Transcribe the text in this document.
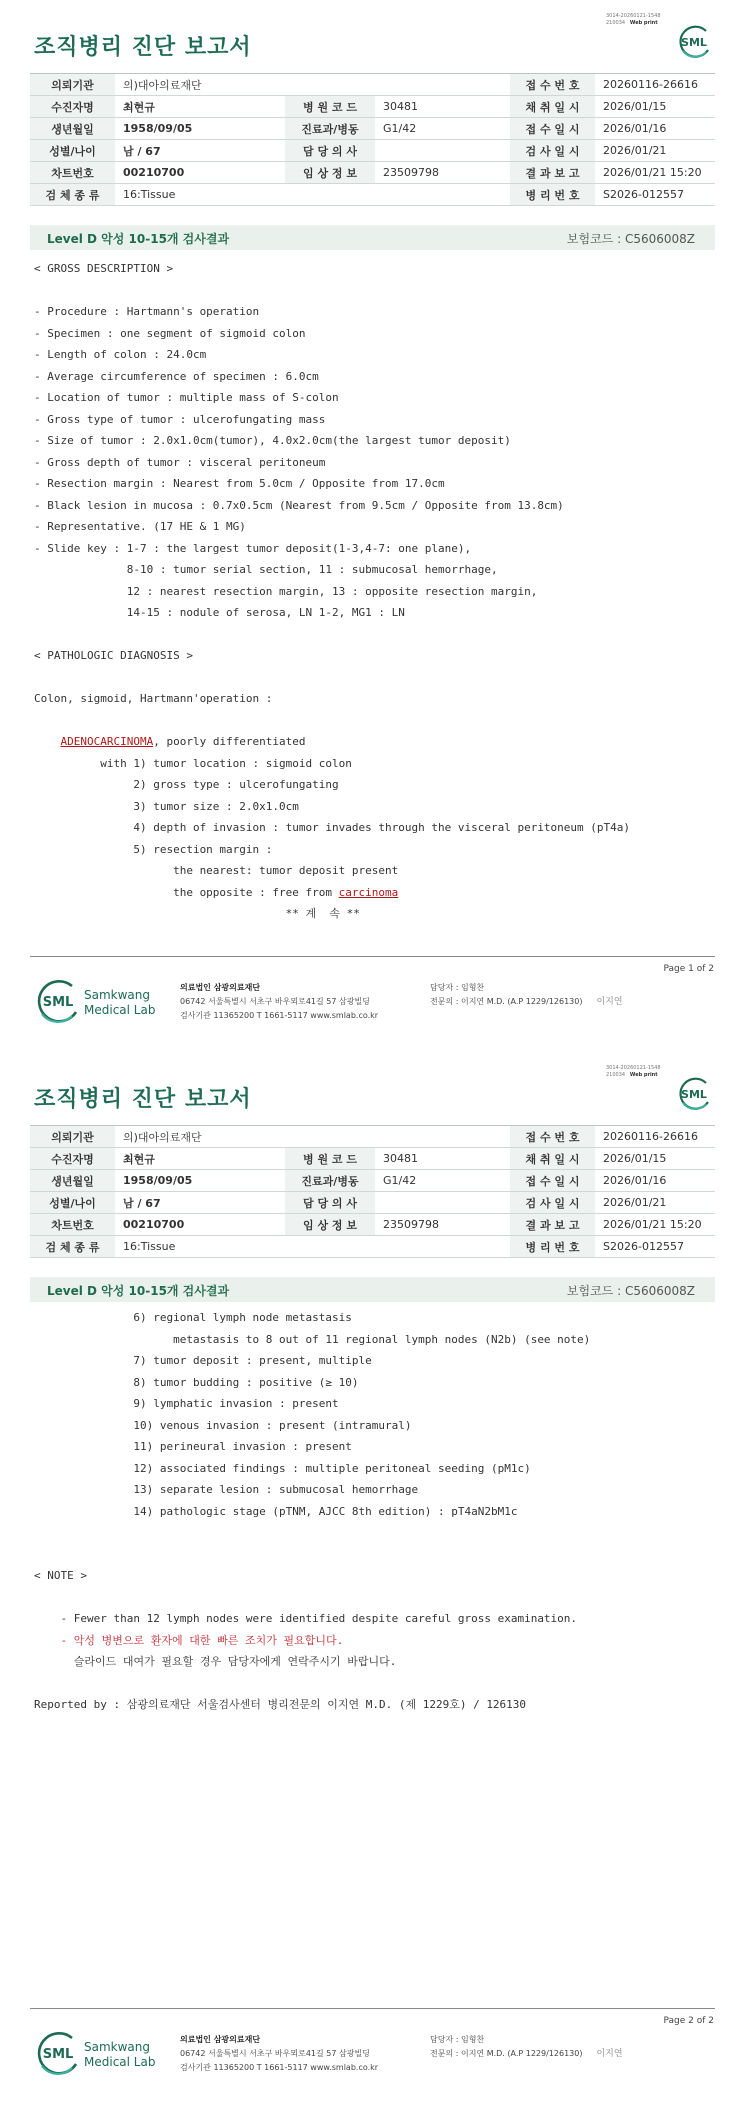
3014-20260121-1548
210034 Web print
조직병리 진단 보고서	SML
의뢰기관	의)대아의료재단			접 수 번 호	20260116-26616
수진자명	최현규	병 원 코 드	30481	채 취 일 시	2026/01/15
생년월일	1958/09/05	진료과/병동	G1/42	접 수 일 시	2026/01/16
성별/나이	남 / 67	담 당 의 사		검 사 일 시	2026/01/21
차트번호	00210700	임 상 정 보	23509798	결 과 보 고	2026/01/21 15:20
검 체 종 류	16:Tissue			병 리 번 호	S2026-012557
Level D 악성 10-15개 검사결과	보험코드 : C5606008Z
< GROSS DESCRIPTION >

- Procedure : Hartmann's operation
- Specimen : one segment of sigmoid colon
- Length of colon : 24.0cm
- Average circumference of specimen : 6.0cm
- Location of tumor : multiple mass of S-colon
- Gross type of tumor : ulcerofungating mass
- Size of tumor : 2.0x1.0cm(tumor), 4.0x2.0cm(the largest tumor deposit)
- Gross depth of tumor : visceral peritoneum
- Resection margin : Nearest from 5.0cm / Opposite from 17.0cm
- Black lesion in mucosa : 0.7x0.5cm (Nearest from 9.5cm / Opposite from 13.8cm)
- Representative. (17 HE & 1 MG)
- Slide key : 1-7 : the largest tumor deposit(1-3,4-7: one plane),
8-10 : tumor serial section, 11 : submucosal hemorrhage,
12 : nearest resection margin, 13 : opposite resection margin,
14-15 : nodule of serosa, LN 1-2, MG1 : LN

< PATHOLOGIC DIAGNOSIS >

Colon, sigmoid, Hartmann'operation :

ADENOCARCINOMA, poorly differentiated
with 1) tumor location : sigmoid colon
2) gross type : ulcerofungating
3) tumor size : 2.0x1.0cm
4) depth of invasion : tumor invades through the visceral peritoneum (pT4a)
5) resection margin :
the nearest: tumor deposit present
the opposite : free from carcinoma
** 계  속 **
Page 1 of 2
SML Samkwang
Medical Lab
의료법인 삼광의료재단
06742 서울특별시 서초구 바우뫼로41길 57 삼광빌딩
검사기관 11365200 T 1661-5117 www.smlab.co.kr
담당자 : 임형찬
전문의 : 이지연 M.D. (A.P 1229/126130) 이지연
3014-20260121-1548
210034 Web print
조직병리 진단 보고서	SML
의뢰기관	의)대아의료재단			접 수 번 호	20260116-26616
수진자명	최현규	병 원 코 드	30481	채 취 일 시	2026/01/15
생년월일	1958/09/05	진료과/병동	G1/42	접 수 일 시	2026/01/16
성별/나이	남 / 67	담 당 의 사		검 사 일 시	2026/01/21
차트번호	00210700	임 상 정 보	23509798	결 과 보 고	2026/01/21 15:20
검 체 종 류	16:Tissue			병 리 번 호	S2026-012557
Level D 악성 10-15개 검사결과	보험코드 : C5606008Z
6) regional lymph node metastasis
metastasis to 8 out of 11 regional lymph nodes (N2b) (see note)
7) tumor deposit : present, multiple
8) tumor budding : positive (≥ 10)
9) lymphatic invasion : present
10) venous invasion : present (intramural)
11) perineural invasion : present
12) associated findings : multiple peritoneal seeding (pM1c)
13) separate lesion : submucosal hemorrhage
14) pathologic stage (pTNM, AJCC 8th edition) : pT4aN2bM1c

< NOTE >

- Fewer than 12 lymph nodes were identified despite careful gross examination.
- 악성 병변으로 환자에 대한 빠른 조치가 필요합니다.
슬라이드 대여가 필요할 경우 담당자에게 연락주시기 바랍니다.

Reported by : 삼광의료재단 서울검사센터 병리전문의 이지연 M.D. (제 1229호) / 126130
Page 2 of 2
SML Samkwang
Medical Lab
의료법인 삼광의료재단
06742 서울특별시 서초구 바우뫼로41길 57 삼광빌딩
검사기관 11365200 T 1661-5117 www.smlab.co.kr
담당자 : 임형찬
전문의 : 이지연 M.D. (A.P 1229/126130) 이지연
